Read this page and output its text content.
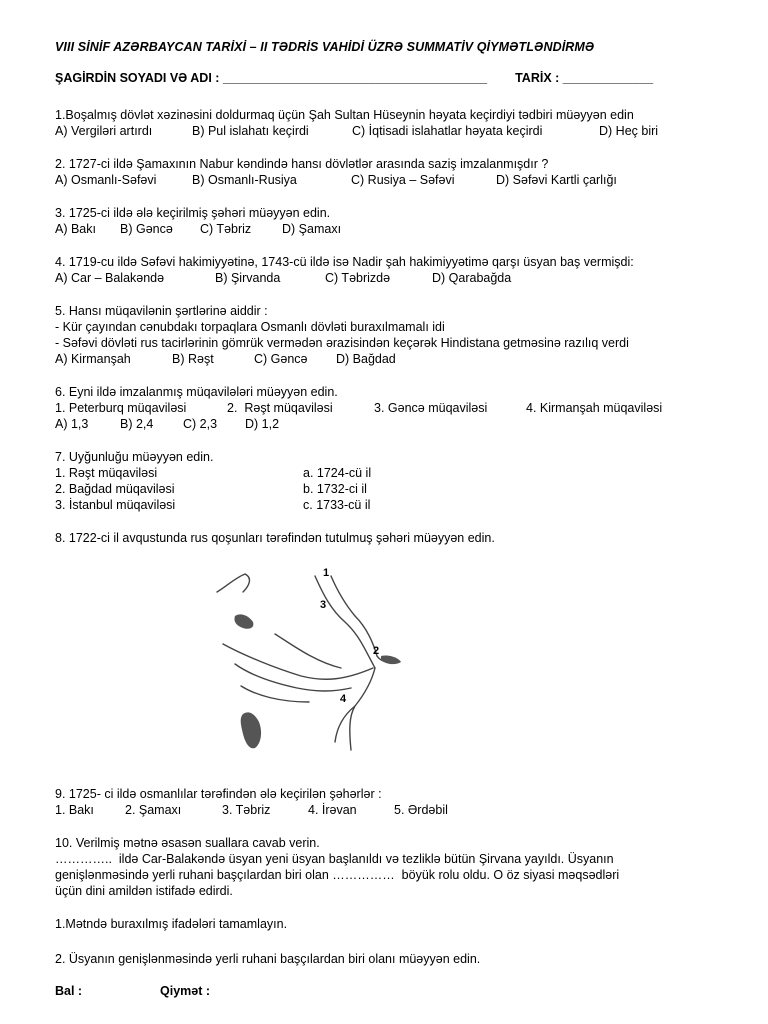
VIII SİNİF AZƏRBAYCAN TARİXİ – II TƏDRİS VAHİDİ ÜZRƏ SUMMATİV QİYMƏTLƏNDİRMƏ
ŞAGİRDİN SOYADI VƏ ADI : ______________________________________ TARİX : _____________
1.Boşalmış dövlət xəzinəsini doldurmaq üçün Şah Sultan Hüseynin həyata keçirdiyi tədbiri müəyyən edin
A) Vergiləri artırdı	B) Pul islahatı keçirdi	C) İqtisadi islahatlar həyata keçirdi	D) Heç biri
2. 1727-ci ildə Şamaxının Nabur kəndində hansı dövlətlər arasında saziş imzalanmışdır ?
A) Osmanlı-Səfəvi	B) Osmanlı-Rusiya	C) Rusiya – Səfəvi	D) Səfəvi Kartli çarlığı
3. 1725-ci ildə ələ keçirilmiş şəhəri müəyyən edin.
A) Bakı	B) Gəncə	C) Təbriz	D) Şamaxı
4. 1719-cu ildə Səfəvi hakimiyyətinə, 1743-cü ildə isə Nadir şah hakimiyyətimə qarşı üsyan baş vermişdi:
A) Car – Balakəndə	B) Şirvanda	C) Təbrizdə	D) Qarabağda
5. Hansı müqavilənin şərtlərinə aiddir :
- Kür çayından cənubdakı torpaqlara Osmanlı dövləti buraxılmamalı idi
- Səfəvi dövləti rus tacirlərinin gömrük vermədən ərazisindən keçərək Hindistana getməsinə razılıq verdi
A) Kirmanşah	B) Rəşt	C) Gəncə	D) Bağdad
6. Eyni ildə imzalanmış müqavilələri müəyyən edin.
1. Peterburq müqaviləsi	2.  Rəşt müqaviləsi	3. Gəncə müqaviləsi	4. Kirmanşah müqaviləsi
A) 1,3	B) 2,4	C) 2,3	D) 1,2
7. Uyğunluğu müəyyən edin.
1. Rəşt müqaviləsi	a. 1724-cü il
2. Bağdad müqaviləsi	b. 1732-ci il
3. İstanbul müqaviləsi	c. 1733-cü il
8. 1722-ci il avqustunda rus qoşunları tərəfindən tutulmuş şəhəri müəyyən edin.
1
2
3
4
9. 1725- ci ildə osmanlılar tərəfindən ələ keçirilən şəhərlər :
1. Bakı	2. Şamaxı	3. Təbriz	4. İrəvan	5. Ərdəbil
10. Verilmiş mətnə əsasən suallara cavab verin.
…………..  ildə Car-Balakəndə üsyan yeni üsyan başlanıldı və tezliklə bütün Şirvana yayıldı. Üsyanın
genişlənməsində yerli ruhani başçılardan biri olan ……………  böyük rolu oldu. O öz siyasi məqsədləri
üçün dini amildən istifadə edirdi.
1.Mətndə buraxılmış ifadələri tamamlayın.
2. Üsyanın genişlənməsində yerli ruhani başçılardan biri olanı müəyyən edin.
Bal :	Qiymət :
